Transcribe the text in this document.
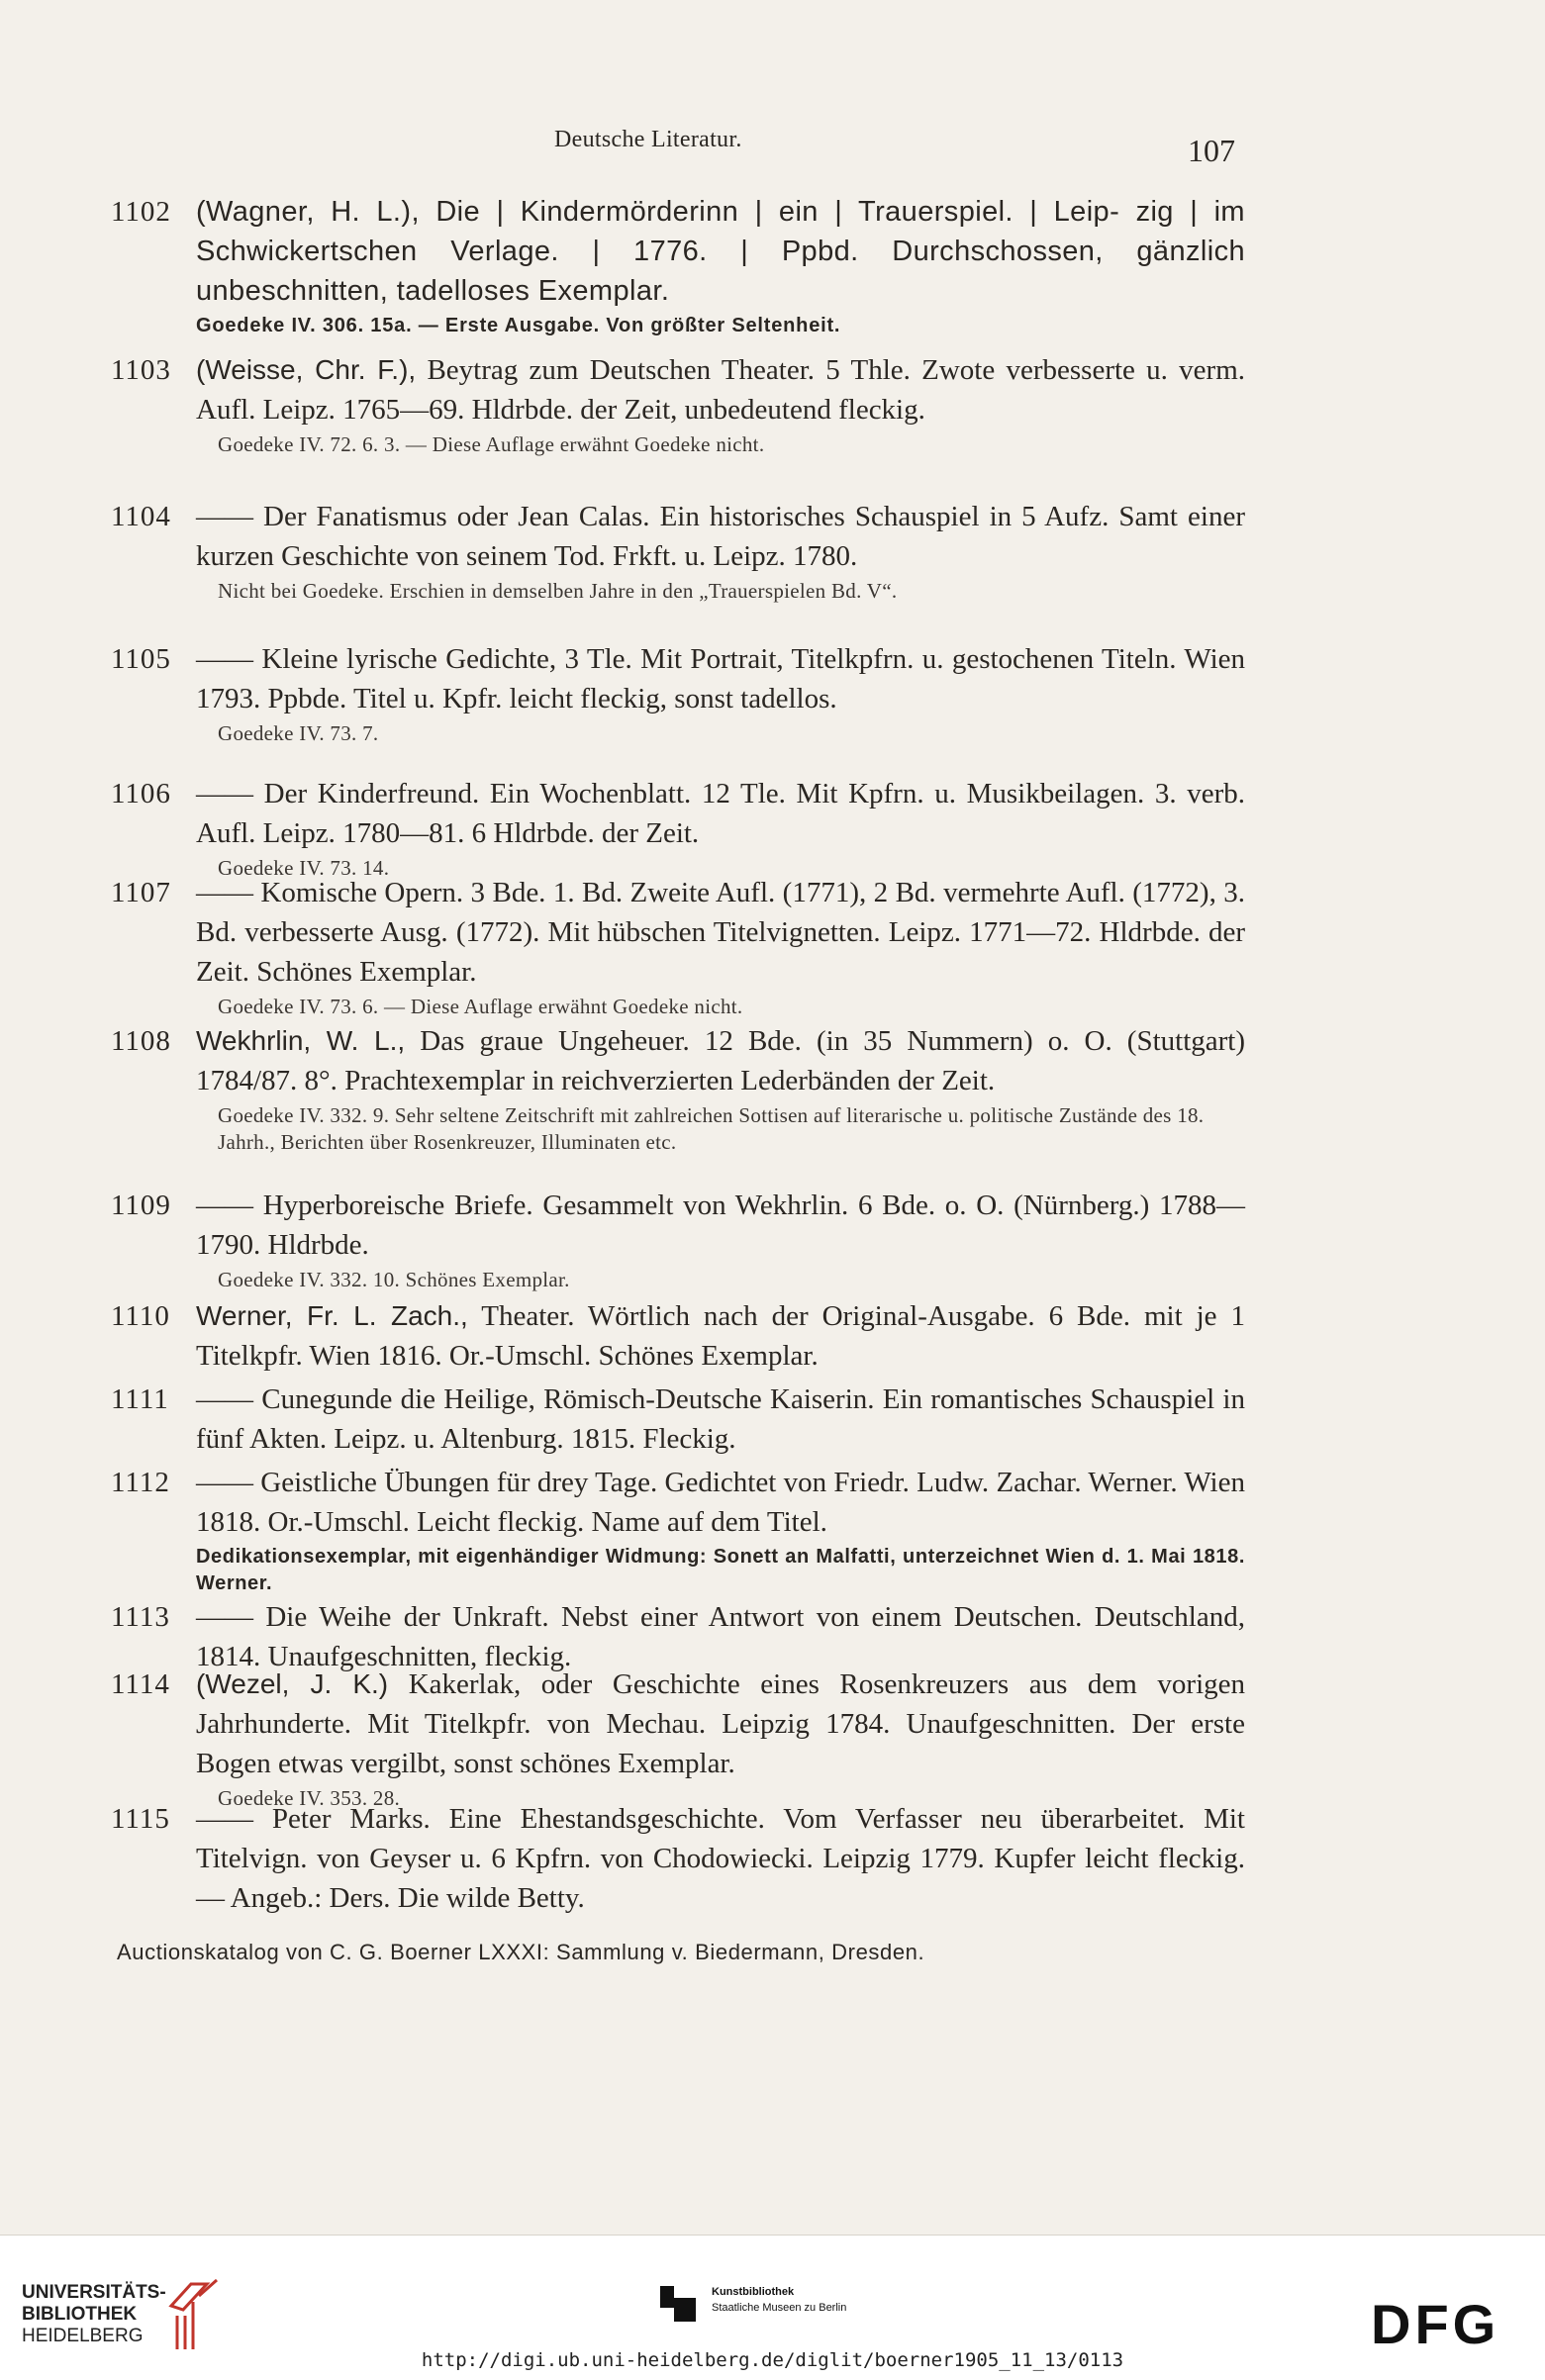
Deutsche Literatur.	107
1102 (Wagner, H. L.), Die | Kindermörderinn | ein | Trauerspiel. | Leip- zig | im Schwickertschen Verlage. | 1776. | Ppbd. Durchschossen, gänzlich unbeschnitten, tadelloses Exemplar.
Goedeke IV. 306. 15a. — Erste Ausgabe. Von größter Seltenheit.
1103 (Weisse, Chr. F.), Beytrag zum Deutschen Theater. 5 Thle. Zwote verbesserte u. verm. Aufl. Leipz. 1765—69. Hldrbde. der Zeit, unbedeutend fleckig.
Goedeke IV. 72. 6. 3. — Diese Auflage erwähnt Goedeke nicht.
1104 —— Der Fanatismus oder Jean Calas. Ein historisches Schauspiel in 5 Aufz. Samt einer kurzen Geschichte von seinem Tod. Frkft. u. Leipz. 1780.
Nicht bei Goedeke. Erschien in demselben Jahre in den „Trauerspielen Bd. V“.
1105 —— Kleine lyrische Gedichte, 3 Tle. Mit Portrait, Titelkpfrn. u. gestochenen Titeln. Wien 1793. Ppbde. Titel u. Kpfr. leicht fleckig, sonst tadellos.
Goedeke IV. 73. 7.
1106 —— Der Kinderfreund. Ein Wochenblatt. 12 Tle. Mit Kpfrn. u. Musikbeilagen. 3. verb. Aufl. Leipz. 1780—81. 6 Hldrbde. der Zeit.
Goedeke IV. 73. 14.
1107 —— Komische Opern. 3 Bde. 1. Bd. Zweite Aufl. (1771), 2 Bd. vermehrte Aufl. (1772), 3. Bd. verbesserte Ausg. (1772). Mit hübschen Titelvignetten. Leipz. 1771—72. Hldrbde. der Zeit. Schönes Exemplar.
Goedeke IV. 73. 6. — Diese Auflage erwähnt Goedeke nicht.
1108 Wekhrlin, W. L., Das graue Ungeheuer. 12 Bde. (in 35 Nummern) o. O. (Stuttgart) 1784/87. 8°. Prachtexemplar in reichverzierten Lederbänden der Zeit.
Goedeke IV. 332. 9. Sehr seltene Zeitschrift mit zahlreichen Sottisen auf literarische u. politische Zustände des 18. Jahrh., Berichten über Rosenkreuzer, Illuminaten etc.
1109 —— Hyperboreische Briefe. Gesammelt von Wekhrlin. 6 Bde. o. O. (Nürnberg.) 1788—1790. Hldrbde.
Goedeke IV. 332. 10. Schönes Exemplar.
1110 Werner, Fr. L. Zach., Theater. Wörtlich nach der Original-Ausgabe. 6 Bde. mit je 1 Titelkpfr. Wien 1816. Or.-Umschl. Schönes Exemplar.
1111 —— Cunegunde die Heilige, Römisch-Deutsche Kaiserin. Ein romantisches Schauspiel in fünf Akten. Leipz. u. Altenburg. 1815. Fleckig.
1112 —— Geistliche Übungen für drey Tage. Gedichtet von Friedr. Ludw. Zachar. Werner. Wien 1818. Or.-Umschl. Leicht fleckig. Name auf dem Titel.
Dedikationsexemplar, mit eigenhändiger Widmung: Sonett an Malfatti, unterzeichnet Wien d. 1. Mai 1818. Werner.
1113 —— Die Weihe der Unkraft. Nebst einer Antwort von einem Deutschen. Deutschland, 1814. Unaufgeschnitten, fleckig.
1114 (Wezel, J. K.) Kakerlak, oder Geschichte eines Rosenkreuzers aus dem vorigen Jahrhunderte. Mit Titelkpfr. von Mechau. Leipzig 1784. Unaufgeschnitten. Der erste Bogen etwas vergilbt, sonst schönes Exemplar.
Goedeke IV. 353. 28.
1115 —— Peter Marks. Eine Ehestandsgeschichte. Vom Verfasser neu überarbeitet. Mit Titelvign. von Geyser u. 6 Kpfrn. von Chodowiecki. Leipzig 1779. Kupfer leicht fleckig. — Angeb.: Ders. Die wilde Betty.
Auctionskatalog von C. G. Boerner LXXXI: Sammlung v. Biedermann, Dresden.
UNIVERSITÄTS-
BIBLIOTHEK
HEIDELBERG
Kunstbibliothek
Staatliche Museen zu Berlin	DFG
http://digi.ub.uni-heidelberg.de/diglit/boerner1905_11_13/0113
